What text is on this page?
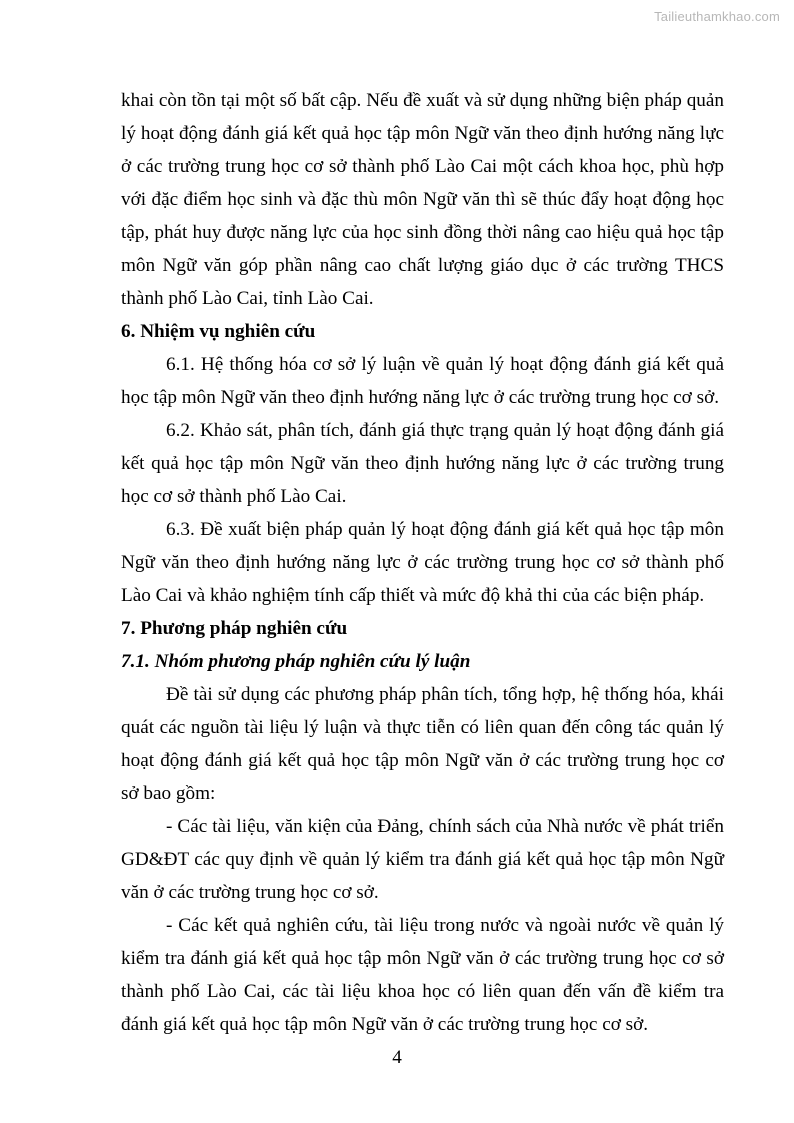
Tailieuthamkhao.com

khai còn tồn tại một số bất cập. Nếu đề xuất và sử dụng những biện pháp quản lý hoạt động đánh giá kết quả học tập môn Ngữ văn theo định hướng năng lực ở các trường trung học cơ sở thành phố Lào Cai một cách khoa học, phù hợp với đặc điểm học sinh và đặc thù môn Ngữ văn thì sẽ thúc đẩy hoạt động học tập, phát huy được năng lực của học sinh đồng thời nâng cao hiệu quả học tập môn Ngữ văn góp phần nâng cao chất lượng giáo dục ở các trường THCS thành phố Lào Cai, tỉnh Lào Cai.

6. Nhiệm vụ nghiên cứu

6.1. Hệ thống hóa cơ sở lý luận về quản lý hoạt động đánh giá kết quả học tập môn Ngữ văn theo định hướng năng lực ở các trường trung học cơ sở.

6.2. Khảo sát, phân tích, đánh giá thực trạng quản lý hoạt động đánh giá kết quả học tập môn Ngữ văn theo định hướng năng lực ở các trường trung học cơ sở thành phố Lào Cai.

6.3. Đề xuất biện pháp quản lý hoạt động đánh giá kết quả học tập môn Ngữ văn theo định hướng năng lực ở các trường trung học cơ sở thành phố Lào Cai và khảo nghiệm tính cấp thiết và mức độ khả thi của các biện pháp.

7. Phương pháp nghiên cứu
7.1. Nhóm phương pháp nghiên cứu lý luận

Đề tài sử dụng các phương pháp phân tích, tổng hợp, hệ thống hóa, khái quát các nguồn tài liệu lý luận và thực tiễn có liên quan đến công tác quản lý hoạt động đánh giá kết quả học tập môn Ngữ văn ở các trường trung học cơ sở bao gồm:

- Các tài liệu, văn kiện của Đảng, chính sách của Nhà nước về phát triển GD&ĐT các quy định về quản lý kiểm tra đánh giá kết quả học tập môn Ngữ văn ở các trường trung học cơ sở.

- Các kết quả nghiên cứu, tài liệu trong nước và ngoài nước về quản lý kiểm tra đánh giá kết quả học tập môn Ngữ văn ở các trường trung học cơ sở thành phố Lào Cai, các tài liệu khoa học có liên quan đến vấn đề kiểm tra đánh giá kết quả học tập môn Ngữ văn ở các trường trung học cơ sở.

4
